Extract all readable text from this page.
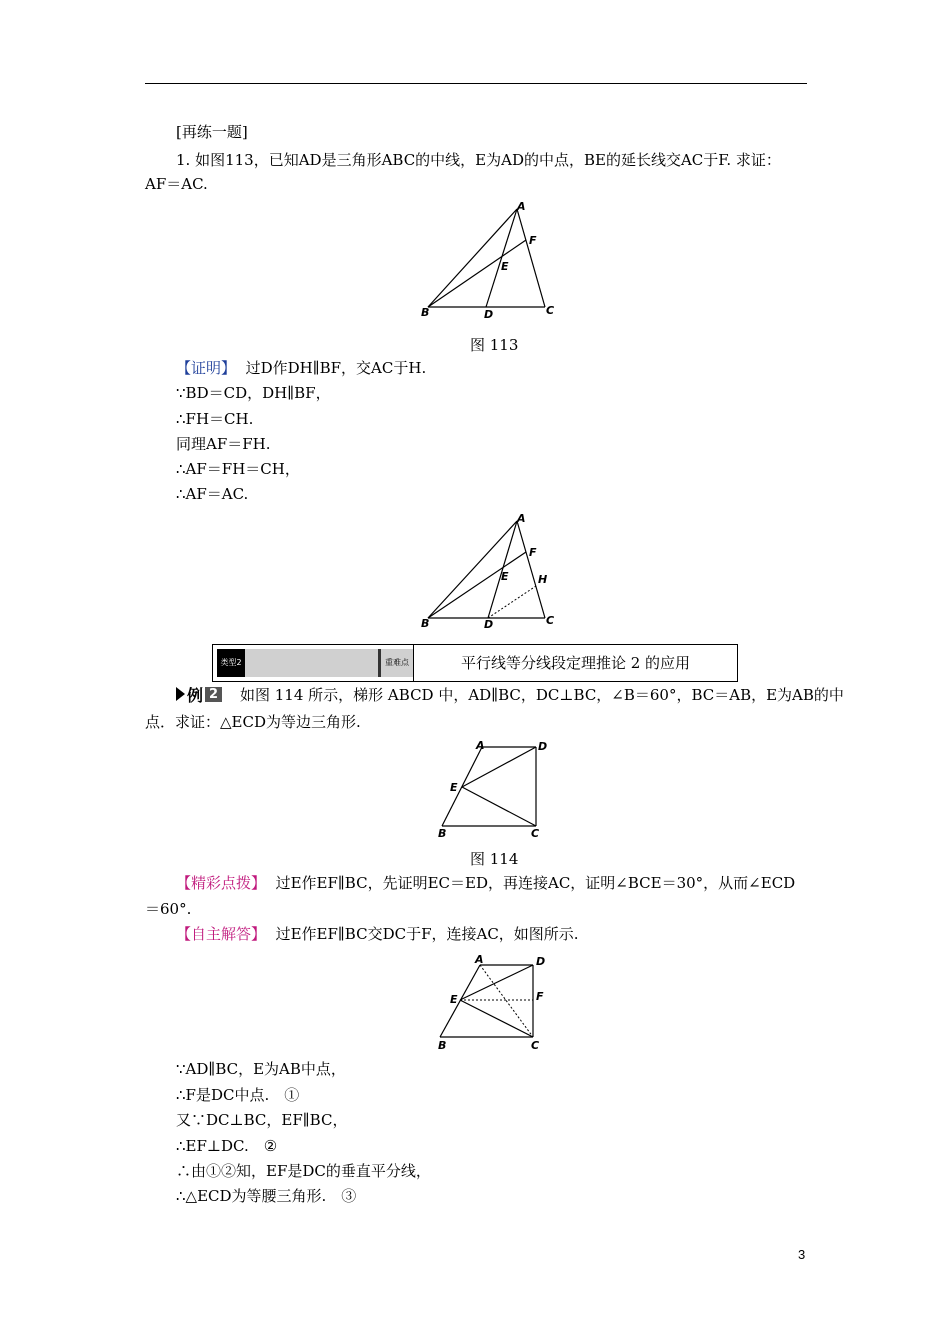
[再练一题]
1. 如图113，已知AD是三角形ABC的中线，E为AD的中点，BE的延长线交AC于F. 求证：
AF＝AC.
A
F
E
B	D	C
图 113
【证明】 过D作DH∥BF，交AC于H.
∵BD＝CD，DH∥BF，
∴FH＝CH.
同理AF＝FH.
∴AF＝FH＝CH，
∴AF＝AC.
A
F
E	H
B	D	C
类型2	重难点	平行线等分线段定理推论 2 的应用
例 2 如图 114 所示，梯形 ABCD 中，AD∥BC，DC⊥BC，∠B＝60°，BC＝AB，E为AB的中
点．求证：△ECD为等边三角形.
A	D
E
B	C
图 114
【精彩点拨】 过E作EF∥BC，先证明EC＝ED，再连接AC，证明∠BCE＝30°，从而∠ECD
＝60°.
【自主解答】 过E作EF∥BC交DC于F，连接AC，如图所示.
A	D
E	F
B	C
∵AD∥BC，E为AB中点，
∴F是DC中点.　①
又∵DC⊥BC，EF∥BC，
∴EF⊥DC.　②
∴由①②知，EF是DC的垂直平分线，
∴△ECD为等腰三角形.　③
3
